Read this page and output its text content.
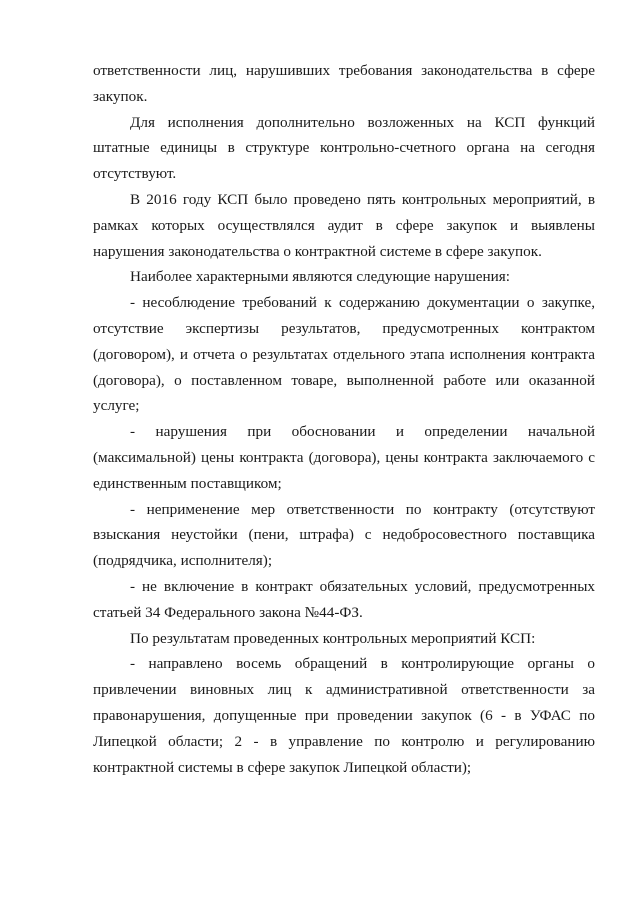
ответственности лиц, нарушивших требования законодательства в сфере закупок.

Для исполнения дополнительно возложенных на КСП функций штатные единицы в структуре контрольно-счетного органа на сегодня отсутствуют.

В 2016 году КСП было проведено пять контрольных мероприятий, в рамках которых осуществлялся аудит в сфере закупок и выявлены нарушения законодательства о контрактной системе в сфере закупок.

Наиболее характерными являются следующие нарушения:

- несоблюдение требований к содержанию документации о закупке, отсутствие экспертизы результатов, предусмотренных контрактом (договором), и отчета о результатах отдельного этапа исполнения контракта (договора), о поставленном товаре, выполненной работе или оказанной услуге;

- нарушения при обосновании и определении начальной (максимальной) цены контракта (договора), цены контракта заключаемого с единственным поставщиком;

- неприменение мер ответственности по контракту (отсутствуют взыскания неустойки (пени, штрафа) с недобросовестного поставщика (подрядчика, исполнителя);

- не включение в контракт обязательных условий, предусмотренных статьей 34 Федерального закона №44-ФЗ.

По результатам проведенных контрольных мероприятий КСП:

- направлено восемь обращений в контролирующие органы о привлечении виновных лиц к административной ответственности за правонарушения, допущенные при проведении закупок (6 - в УФАС по Липецкой области; 2 - в управление по контролю и регулированию контрактной системы в сфере закупок Липецкой области);
